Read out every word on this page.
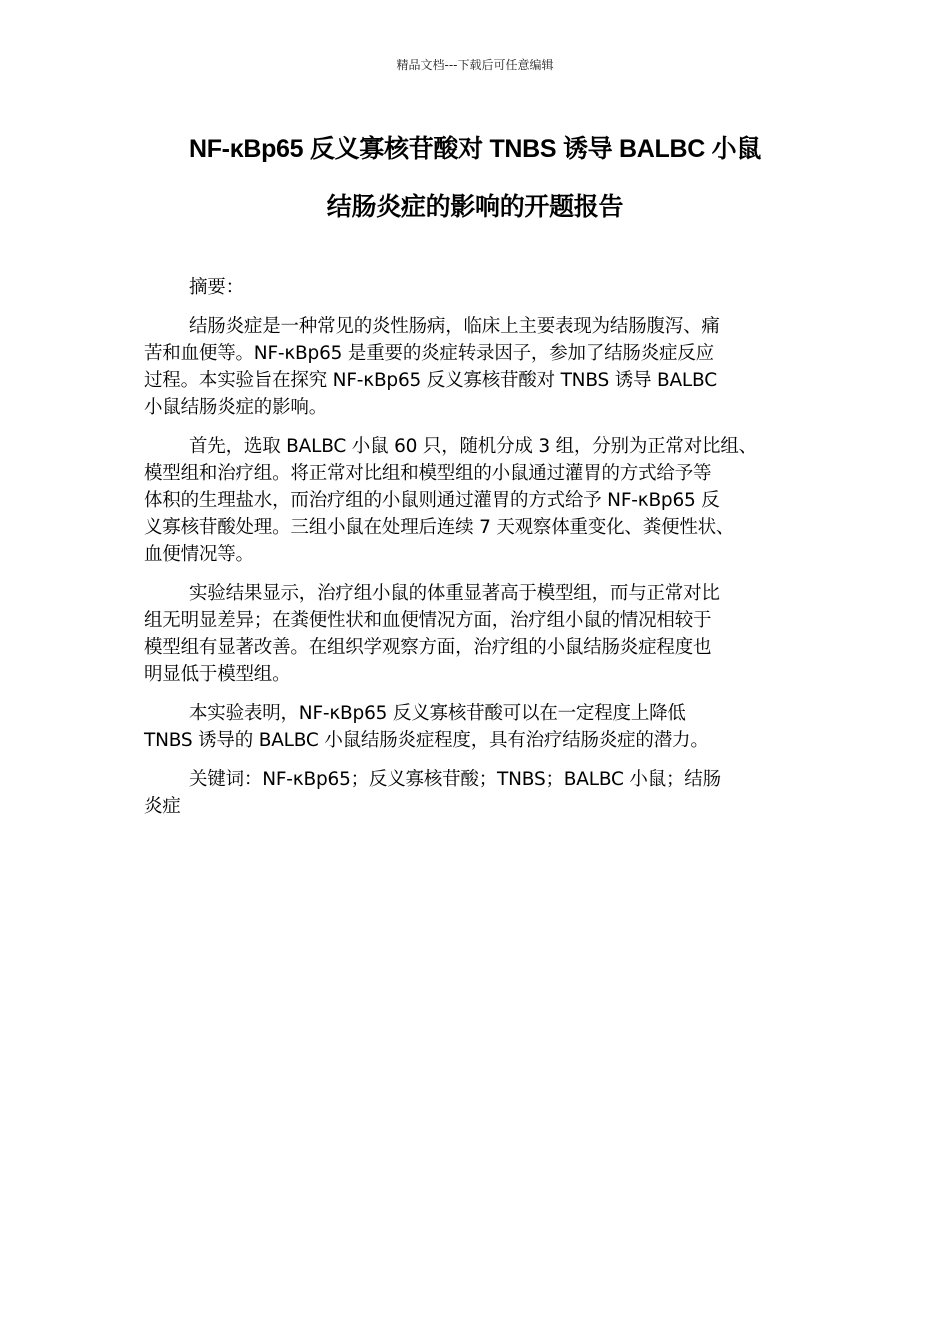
精品文档---下载后可任意编辑
NF-κBp65 反义寡核苷酸对 TNBS 诱导 BALBC 小鼠
结肠炎症的影响的开题报告

摘要：

结肠炎症是一种常见的炎性肠病，临床上主要表现为结肠腹泻、痛
苦和血便等。NF-κBp65 是重要的炎症转录因子，参加了结肠炎症反应
过程。本实验旨在探究 NF-κBp65 反义寡核苷酸对 TNBS 诱导 BALBC
小鼠结肠炎症的影响。

首先，选取 BALBC 小鼠 60 只，随机分成 3 组，分别为正常对比组、
模型组和治疗组。将正常对比组和模型组的小鼠通过灌胃的方式给予等
体积的生理盐水，而治疗组的小鼠则通过灌胃的方式给予 NF-κBp65 反
义寡核苷酸处理。三组小鼠在处理后连续 7 天观察体重变化、粪便性状、
血便情况等。

实验结果显示，治疗组小鼠的体重显著高于模型组，而与正常对比
组无明显差异；在粪便性状和血便情况方面，治疗组小鼠的情况相较于
模型组有显著改善。在组织学观察方面，治疗组的小鼠结肠炎症程度也
明显低于模型组。

本实验表明，NF-κBp65 反义寡核苷酸可以在一定程度上降低
TNBS 诱导的 BALBC 小鼠结肠炎症程度，具有治疗结肠炎症的潜力。

关键词：NF-κBp65；反义寡核苷酸；TNBS；BALBC 小鼠；结肠
炎症
